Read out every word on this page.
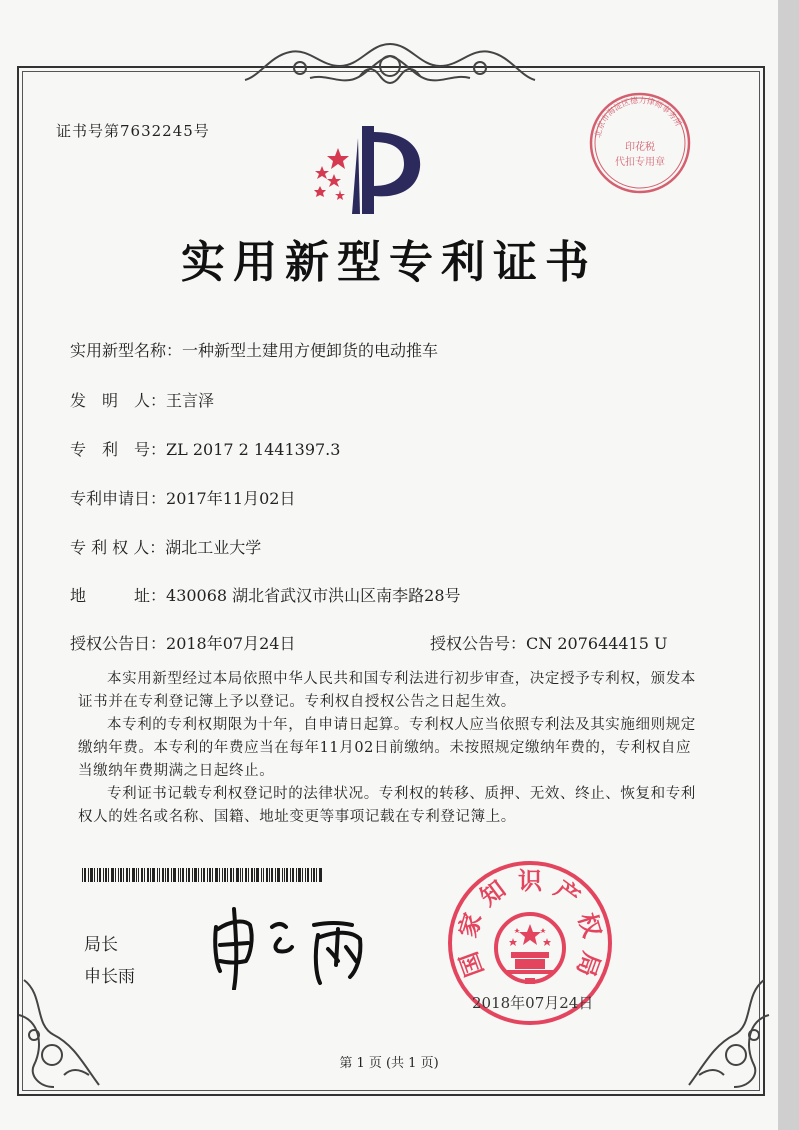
证书号第7632245号	北京市海淀区德力律师事务所
印花税
代扣专用章
实用新型专利证书
实用新型名称：一种新型土建用方便卸货的电动推车
发　明　人：王言泽
专　利　号：ZL 2017 2 1441397.3
专利申请日：2017年11月02日
专 利 权 人：湖北工业大学
地　　　址：430068 湖北省武汉市洪山区南李路28号
授权公告日：2018年07月24日	授权公告号：CN 207644415 U

本实用新型经过本局依照中华人民共和国专利法进行初步审查，决定授予专利权，颁发本证书并在专利登记簿上予以登记。专利权自授权公告之日起生效。

本专利的专利权期限为十年，自申请日起算。专利权人应当依照专利法及其实施细则规定缴纳年费。本专利的年费应当在每年11月02日前缴纳。未按照规定缴纳年费的，专利权自应当缴纳年费期满之日起终止。

专利证书记载专利权登记时的法律状况。专利权的转移、质押、无效、终止、恢复和专利权人的姓名或名称、国籍、地址变更等事项记载在专利登记簿上。

局长
申长雨	国
家
知 识 产
权
局
2018年07月24日
第 1 页 (共 1 页)
